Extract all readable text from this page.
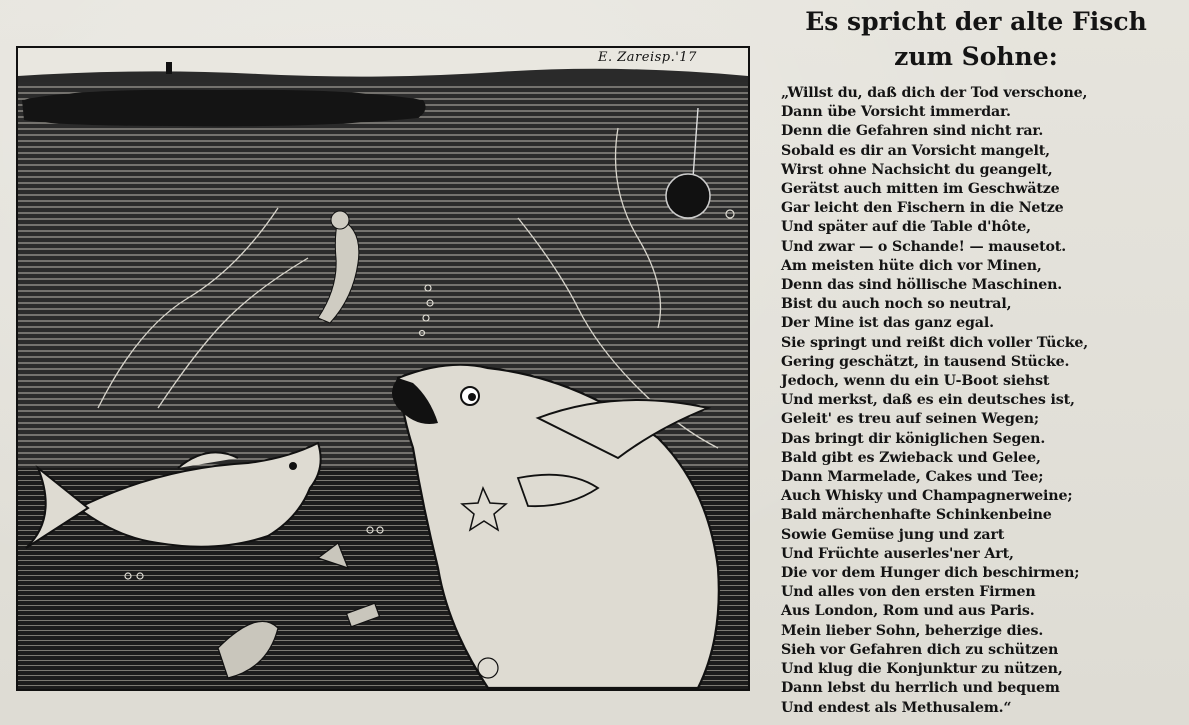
E. Zareisp.'17
Es spricht der alte Fisch
zum Sohne:
„Willst du, daß dich der Tod verschone,
Dann übe Vorsicht immerdar.
Denn die Gefahren sind nicht rar.
Sobald es dir an Vorsicht mangelt,
Wirst ohne Nachsicht du geangelt,
Gerätst auch mitten im Geschwätze
Gar leicht den Fischern in die Netze
Und später auf die Table d'hôte,
Und zwar — o Schande! — mausetot.
Am meisten hüte dich vor Minen,
Denn das sind höllische Maschinen.
Bist du auch noch so neutral,
Der Mine ist das ganz egal.
Sie springt und reißt dich voller Tücke,
Gering geschätzt, in tausend Stücke.
Jedoch, wenn du ein U-Boot siehst
Und merkst, daß es ein deutsches ist,
Geleit' es treu auf seinen Wegen;
Das bringt dir königlichen Segen.
Bald gibt es Zwieback und Gelee,
Dann Marmelade, Cakes und Tee;
Auch Whisky und Champagnerweine;
Bald märchenhafte Schinkenbeine
Sowie Gemüse jung und zart
Und Früchte auserles'ner Art,
Die vor dem Hunger dich beschirmen;
Und alles von den ersten Firmen
Aus London, Rom und aus Paris.
Mein lieber Sohn, beherzige dies.
Sieh vor Gefahren dich zu schützen
Und klug die Konjunktur zu nützen,
Dann lebst du herrlich und bequem
Und endest als Methusalem.“
